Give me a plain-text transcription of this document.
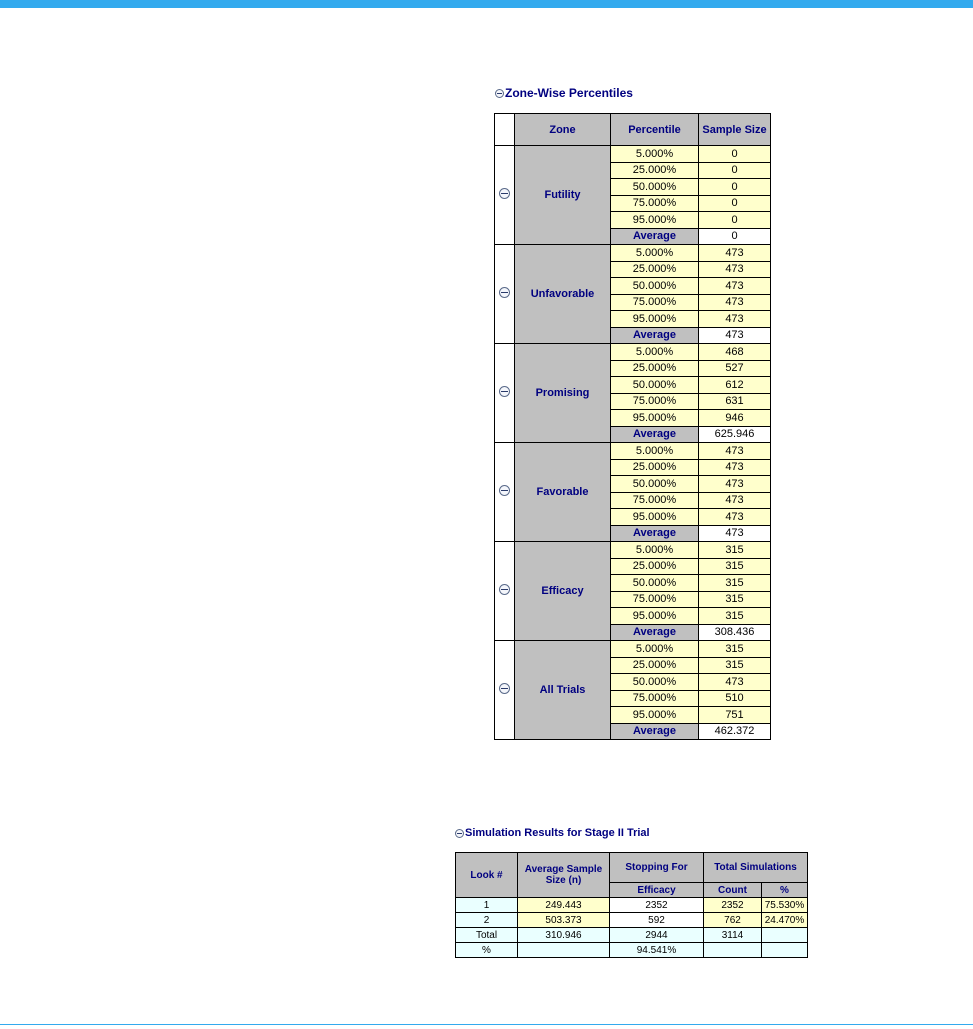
Zone-Wise Percentiles
	Zone	Percentile	Sample Size
	Futility	5.000%	0
		25.000%	0
		50.000%	0
		75.000%	0
		95.000%	0
		Average	0
	Unfavorable	5.000%	473
		25.000%	473
		50.000%	473
		75.000%	473
		95.000%	473
		Average	473
	Promising	5.000%	468
		25.000%	527
		50.000%	612
		75.000%	631
		95.000%	946
		Average	625.946
	Favorable	5.000%	473
		25.000%	473
		50.000%	473
		75.000%	473
		95.000%	473
		Average	473
	Efficacy	5.000%	315
		25.000%	315
		50.000%	315
		75.000%	315
		95.000%	315
		Average	308.436
	All Trials	5.000%	315
		25.000%	315
		50.000%	473
		75.000%	510
		95.000%	751
		Average	462.372
Simulation Results for Stage II Trial
Look #	Average Sample Size (n)	Stopping For	Total Simulations	
		Efficacy	Count	%
1	249.443	2352	2352	75.530%
2	503.373	592	762	24.470%
Total	310.946	2944	3114	
%		94.541%		
